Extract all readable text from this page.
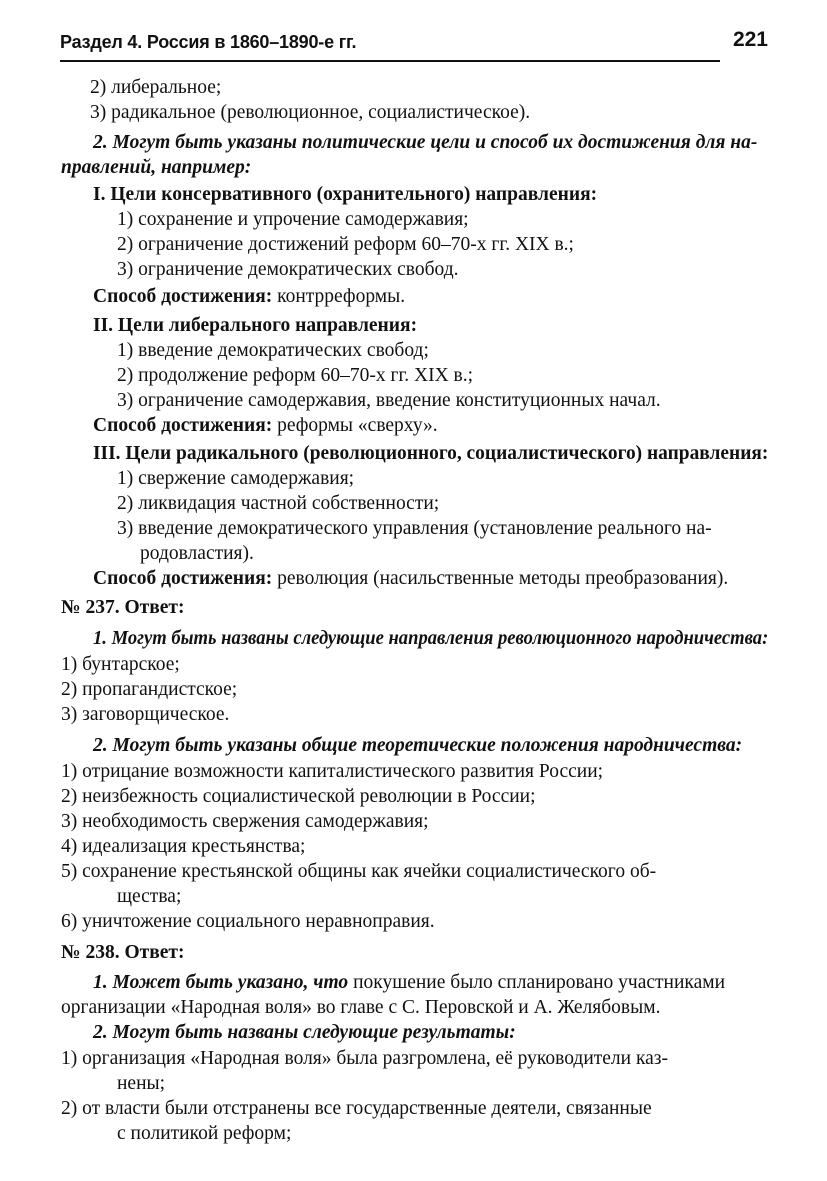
Раздел 4. Россия в 1860–1890-е гг.	221
2) либеральное;
3) радикальное (революционное, социалистическое).
2. Могут быть указаны политические цели и способ их достижения для на-
правлений, например:
I. Цели консервативного (охранительного) направления:
1) сохранение и упрочение самодержавия;
2) ограничение достижений реформ 60–70-х гг. XIX в.;
3) ограничение демократических свобод.
Способ достижения: контрреформы.
II. Цели либерального направления:
1) введение демократических свобод;
2) продолжение реформ 60–70-х гг. XIX в.;
3) ограничение самодержавия, введение конституционных начал.
Способ достижения: реформы «сверху».
III. Цели радикального (революционного, социалистического) направления:
1) свержение самодержавия;
2) ликвидация частной собственности;
3) введение демократического управления (установление реального на-
родовластия).
Способ достижения: революция (насильственные методы преобразования).
№ 237. Ответ:
1. Могут быть названы следующие направления революционного народничества:
1) бунтарское;
2) пропагандистское;
3) заговорщическое.
2. Могут быть указаны общие теоретические положения народничества:
1) отрицание возможности капиталистического развития России;
2) неизбежность социалистической революции в России;
3) необходимость свержения самодержавия;
4) идеализация крестьянства;
5) сохранение крестьянской общины как ячейки социалистического об-
щества;
6) уничтожение социального неравноправия.
№ 238. Ответ:
1. Может быть указано, что покушение было спланировано участниками
организации «Народная воля» во главе с С. Перовской и А. Желябовым.
2. Могут быть названы следующие результаты:
1) организация «Народная воля» была разгромлена, её руководители каз-
нены;
2) от власти были отстранены все государственные деятели, связанные
с политикой реформ;
